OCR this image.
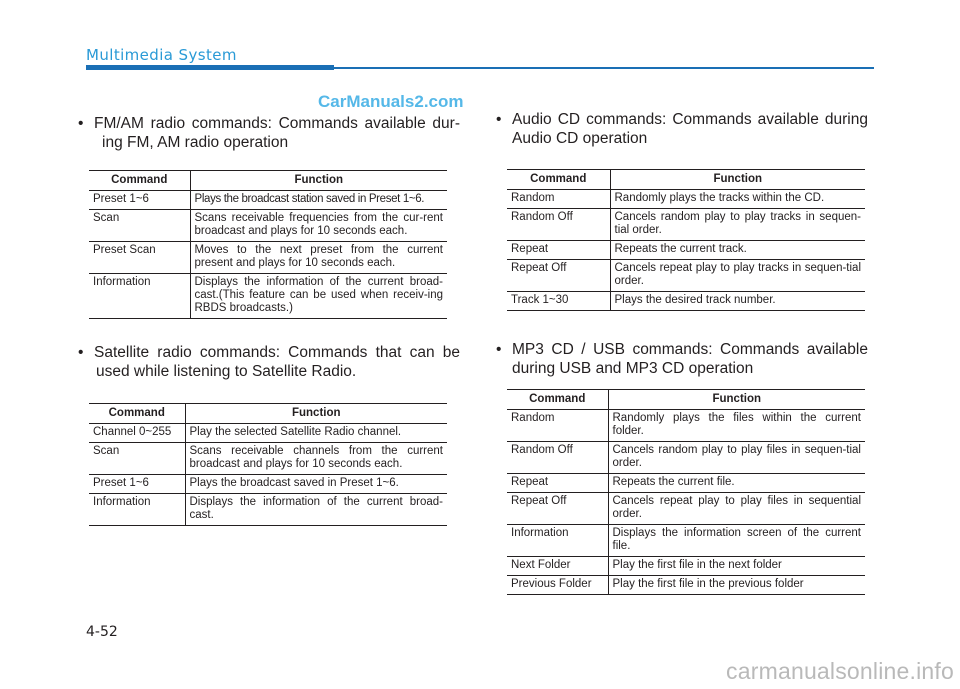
Multimedia System
CarManuals2.com
• FM/AM radio commands: Commands available dur-
ing FM, AM radio operation
Command	Function
Preset 1~6	Plays the broadcast station saved in Preset 1~6.
Scan	Scans receivable frequencies from the cur-rent broadcast and plays for 10 seconds each.
Preset Scan	Moves to the next preset from the current present and plays for 10 seconds each.
Information	Displays the information of the current broad-cast.(This feature can be used when receiv-ing RBDS broadcasts.)
• Satellite radio commands: Commands that can be
used while listening to Satellite Radio.
Command	Function
Channel 0~255	Play the selected Satellite Radio channel.
Scan	Scans receivable channels from the current broadcast and plays for 10 seconds each.
Preset 1~6	Plays the broadcast saved in Preset 1~6.
Information	Displays the information of the current broad-cast.
• Audio CD commands: Commands available during
Audio CD operation
Command	Function
Random	Randomly plays the tracks within the CD.
Random Off	Cancels random play to play tracks in sequen-tial order.
Repeat	Repeats the current track.
Repeat Off	Cancels repeat play to play tracks in sequen-tial order.
Track 1~30	Plays the desired track number.
• MP3 CD / USB commands: Commands available
during USB and MP3 CD operation
Command	Function
Random	Randomly plays the files within the current folder.
Random Off	Cancels random play to play files in sequen-tial order.
Repeat	Repeats the current file.
Repeat Off	Cancels repeat play to play files in sequential order.
Information	Displays the information screen of the current file.
Next Folder	Play the first file in the next folder
Previous Folder	Play the first file in the previous folder
4-52
carmanualsonline.info
